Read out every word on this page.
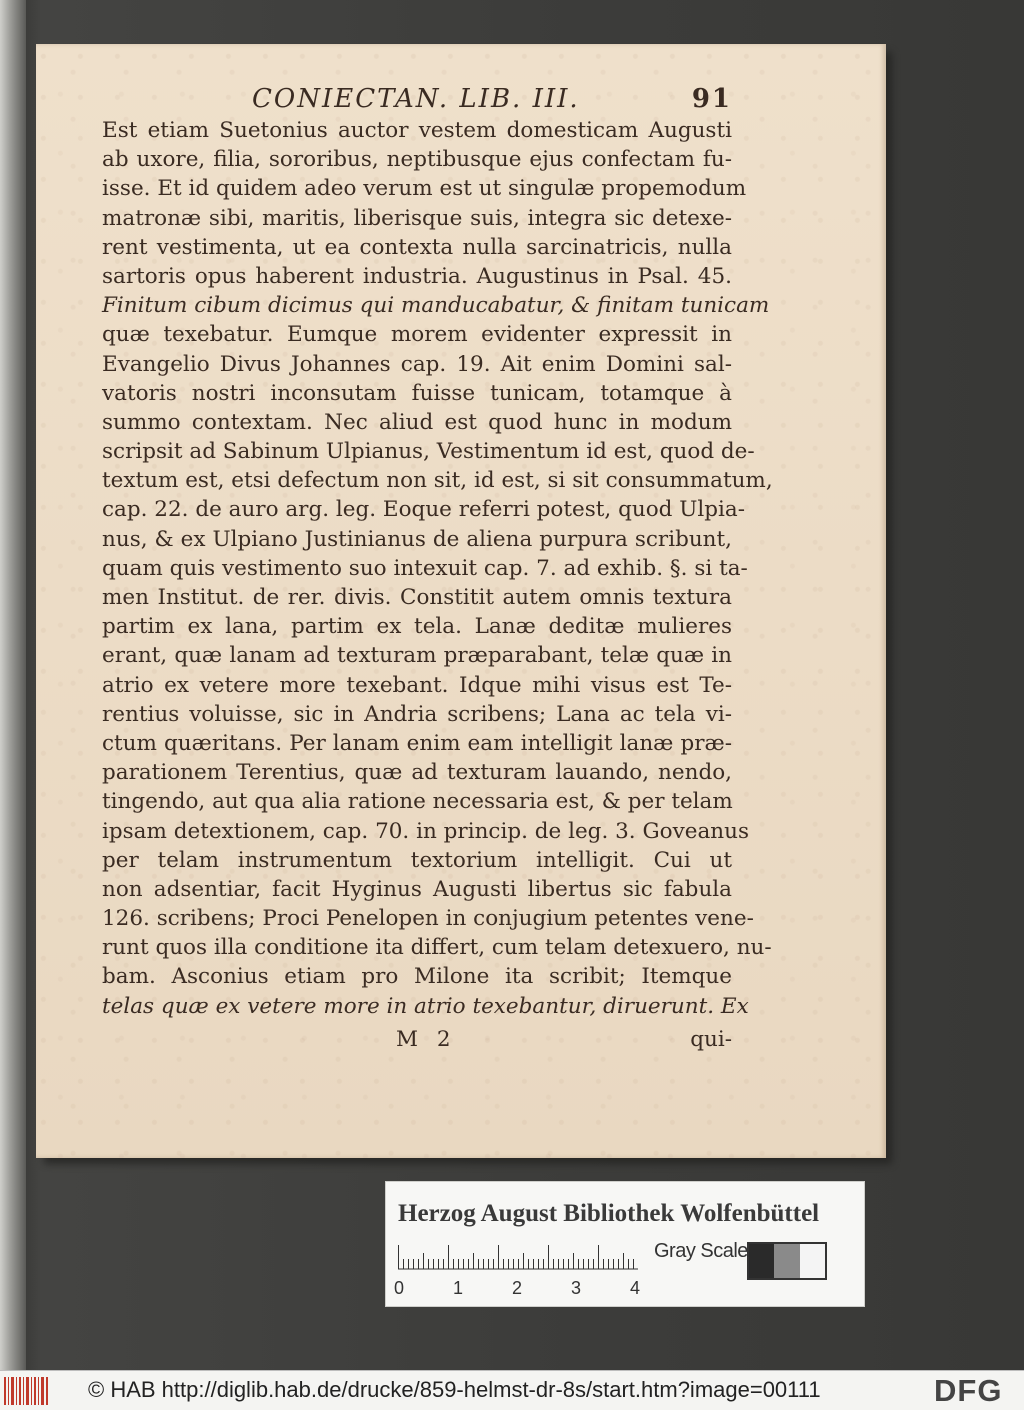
CONIECTAN. LIB. III.	91
Est etiam Suetonius auctor vestem domesticam Augusti
ab uxore, filia, sororibus, neptibusque ejus confectam fu-
isse. Et id quidem adeo verum est ut singulæ propemodum
matronæ sibi, maritis, liberisque suis, integra sic detexe-
rent vestimenta, ut ea contexta nulla sarcinatricis, nulla
sartoris opus haberent industria. Augustinus in Psal. 45.
Finitum cibum dicimus qui manducabatur, & finitam tunicam
quæ texebatur. Eumque morem evidenter expressit in
Evangelio Divus Johannes cap. 19. Ait enim Domini sal-
vatoris nostri inconsutam fuisse tunicam, totamque à
summo contextam. Nec aliud est quod hunc in modum
scripsit ad Sabinum Ulpianus, Vestimentum id est, quod de-
textum est, etsi defectum non sit, id est, si sit consummatum,
cap. 22. de auro arg. leg. Eoque referri potest, quod Ulpia-
nus, & ex Ulpiano Justinianus de aliena purpura scribunt,
quam quis vestimento suo intexuit cap. 7. ad exhib. §. si ta-
men Institut. de rer. divis. Constitit autem omnis textura
partim ex lana, partim ex tela. Lanæ deditæ mulieres
erant, quæ lanam ad texturam præparabant, telæ quæ in
atrio ex vetere more texebant. Idque mihi visus est Te-
rentius voluisse, sic in Andria scribens; Lana ac tela vi-
ctum quæritans. Per lanam enim eam intelligit lanæ præ-
parationem Terentius, quæ ad texturam lauando, nendo,
tingendo, aut qua alia ratione necessaria est, & per telam
ipsam detextionem, cap. 70. in princip. de leg. 3. Goveanus
per telam instrumentum textorium intelligit. Cui ut
non adsentiar, facit Hyginus Augusti libertus sic fabula
126. scribens; Proci Penelopen in conjugium petentes vene-
runt quos illa conditione ita differt, cum telam detexuero, nu-
bam. Asconius etiam pro Milone ita scribit; Itemque
telas quæ ex vetere more in atrio texebantur, diruerunt. Ex
M 2	qui-
Herzog August Bibliothek Wolfenbüttel
0	1	2	3	4
Gray Scale
© HAB http://diglib.hab.de/drucke/859-helmst-dr-8s/start.htm?image=00111	DFG
